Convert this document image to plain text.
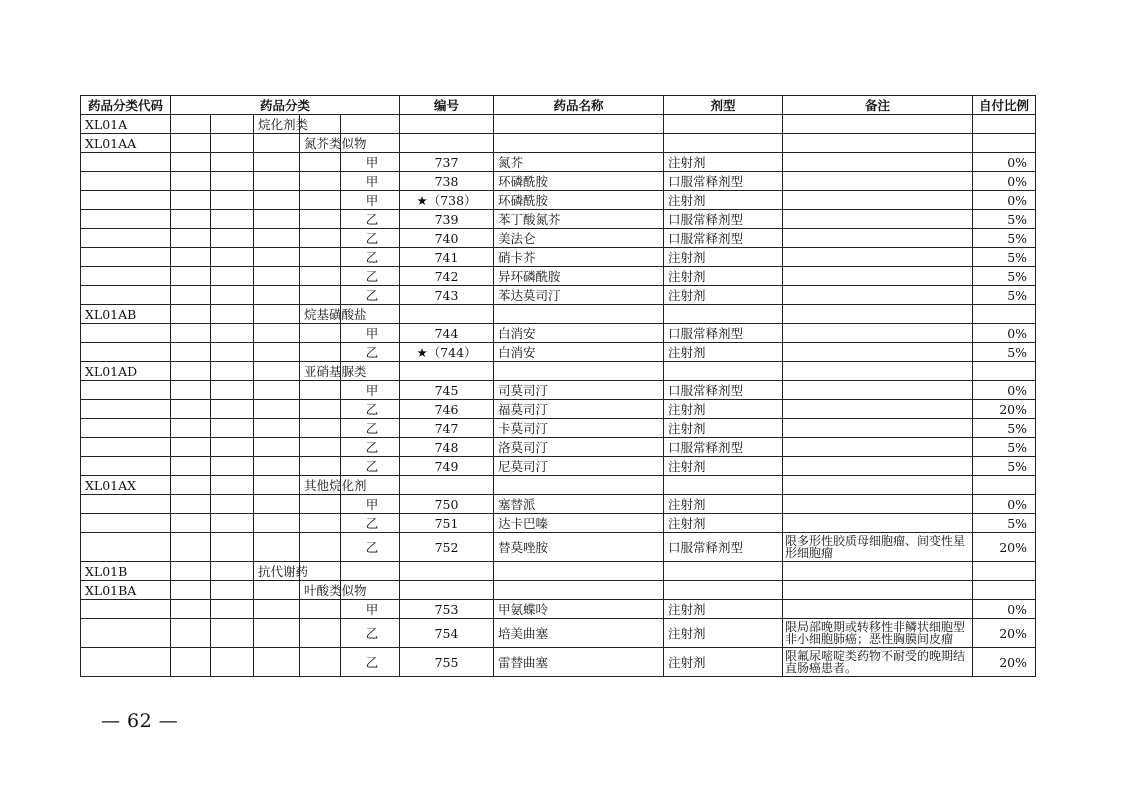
药品分类代码	药品分类					编号	药品名称	剂型	备注	自付比例
XL01A			烷化剂类							
XL01AA				氮芥类似物						
					甲	737	氮芥	注射剂		0%
					甲	738	环磷酰胺	口服常释剂型		0%
					甲	★（738）	环磷酰胺	注射剂		0%
					乙	739	苯丁酸氮芥	口服常释剂型		5%
					乙	740	美法仑	口服常释剂型		5%
					乙	741	硝卡芥	注射剂		5%
					乙	742	异环磷酰胺	注射剂		5%
					乙	743	苯达莫司汀	注射剂		5%
XL01AB				烷基磺酸盐						
					甲	744	白消安	口服常释剂型		0%
					乙	★（744）	白消安	注射剂		5%
XL01AD				亚硝基脲类						
					甲	745	司莫司汀	口服常释剂型		0%
					乙	746	福莫司汀	注射剂		20%
					乙	747	卡莫司汀	注射剂		5%
					乙	748	洛莫司汀	口服常释剂型		5%
					乙	749	尼莫司汀	注射剂		5%
XL01AX				其他烷化剂						
					甲	750	塞替派	注射剂		0%
					乙	751	达卡巴嗪	注射剂		5%
					乙	752	替莫唑胺	口服常释剂型	限多形性胶质母细胞瘤、间变性星形细胞瘤	20%
XL01B			抗代谢药							
XL01BA				叶酸类似物						
					甲	753	甲氨蝶呤	注射剂		0%
					乙	754	培美曲塞	注射剂	限局部晚期或转移性非鳞状细胞型非小细胞肺癌；恶性胸膜间皮瘤	20%
					乙	755	雷替曲塞	注射剂	限氟尿嘧啶类药物不耐受的晚期结直肠癌患者。	20%
— 62 —
